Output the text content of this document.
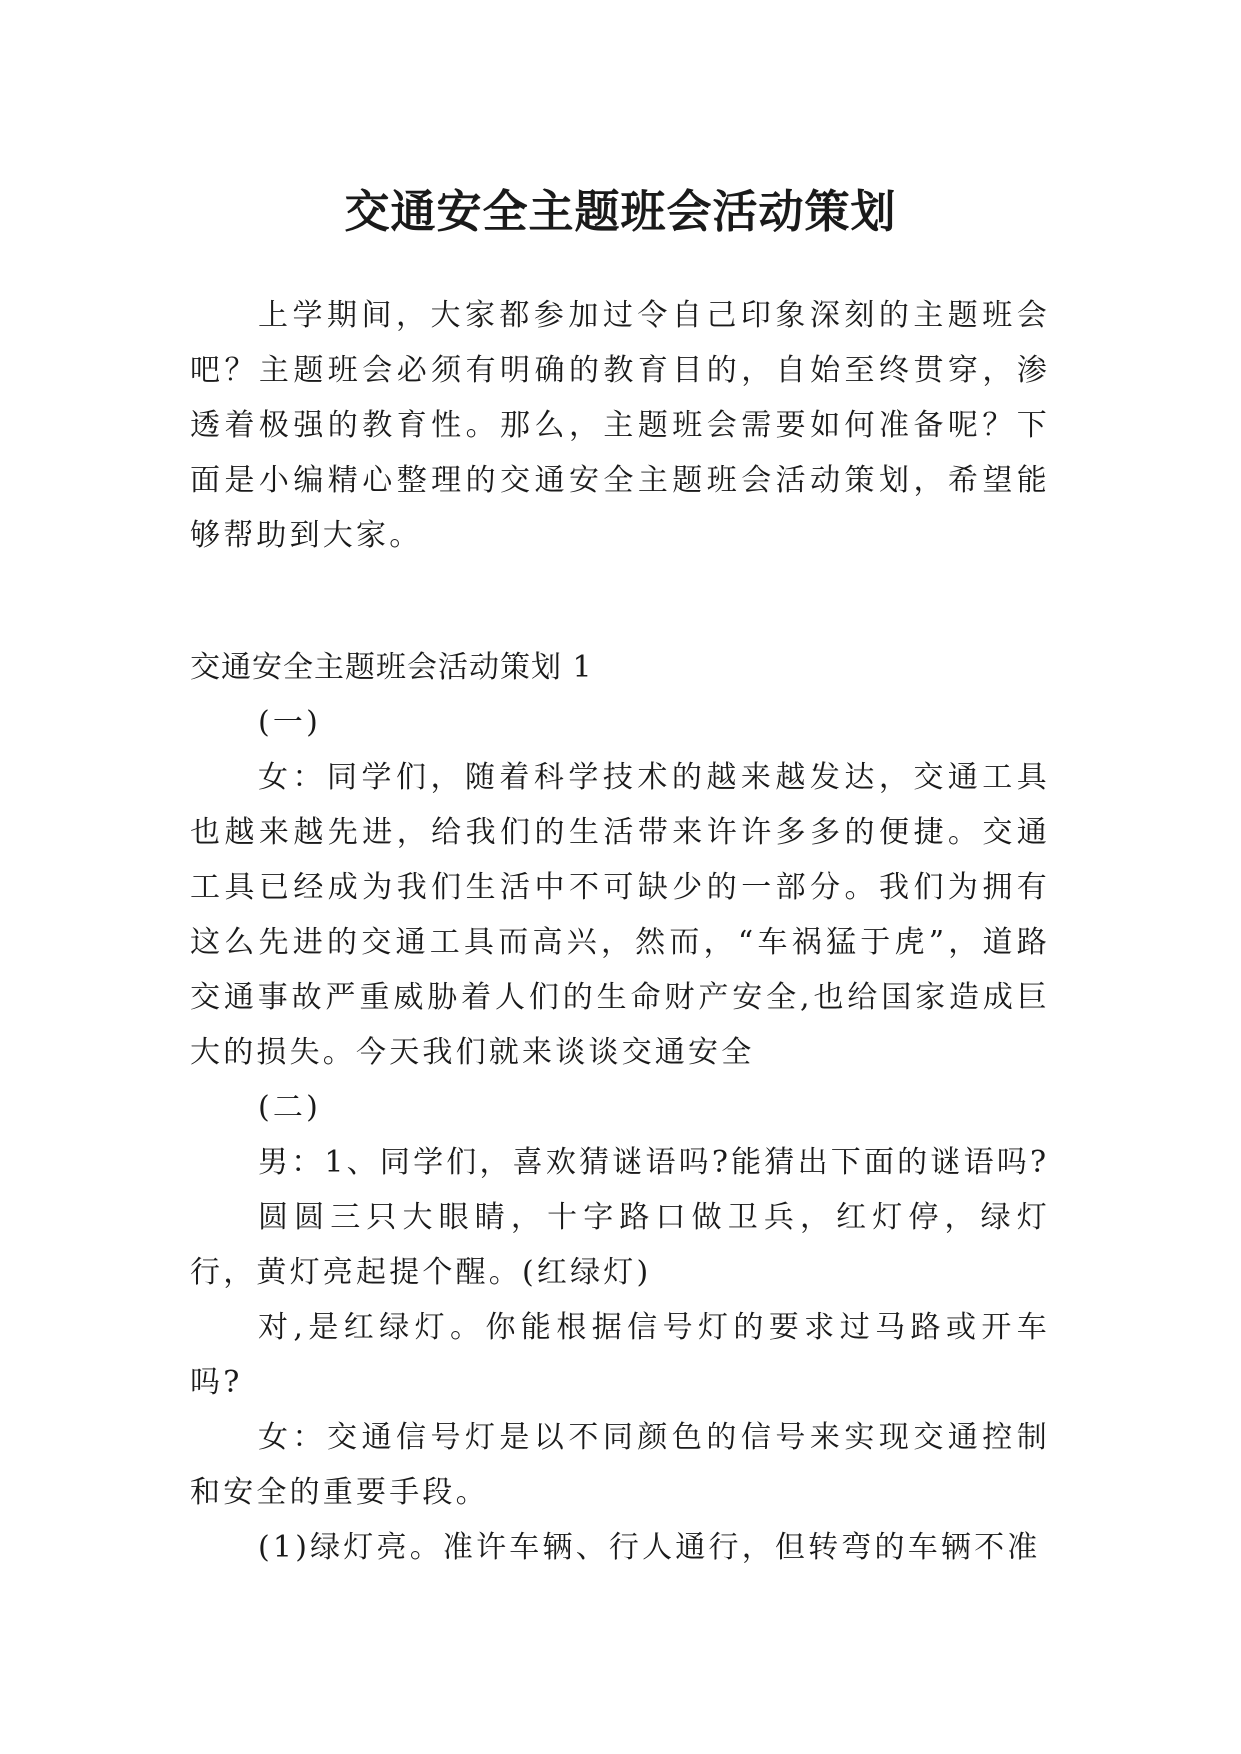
交通安全主题班会活动策划

上学期间，大家都参加过令自己印象深刻的主题班会吧？主题班会必须有明确的教育目的，自始至终贯穿，渗透着极强的教育性。那么，主题班会需要如何准备呢？下面是小编精心整理的交通安全主题班会活动策划，希望能够帮助到大家。

交通安全主题班会活动策划 1

(一)

女：同学们，随着科学技术的越来越发达，交通工具也越来越先进，给我们的生活带来许许多多的便捷。交通工具已经成为我们生活中不可缺少的一部分。我们为拥有这么先进的交通工具而高兴，然而，“车祸猛于虎”，道路交通事故严重威胁着人们的生命财产安全,也给国家造成巨大的损失。今天我们就来谈谈交通安全

(二)

男：1、同学们，喜欢猜谜语吗?能猜出下面的谜语吗?

圆圆三只大眼睛，十字路口做卫兵，红灯停，绿灯行，黄灯亮起提个醒。(红绿灯)

对,是红绿灯。你能根据信号灯的要求过马路或开车吗?

女：交通信号灯是以不同颜色的信号来实现交通控制和安全的重要手段。

(1)绿灯亮。准许车辆、行人通行，但转弯的车辆不准
